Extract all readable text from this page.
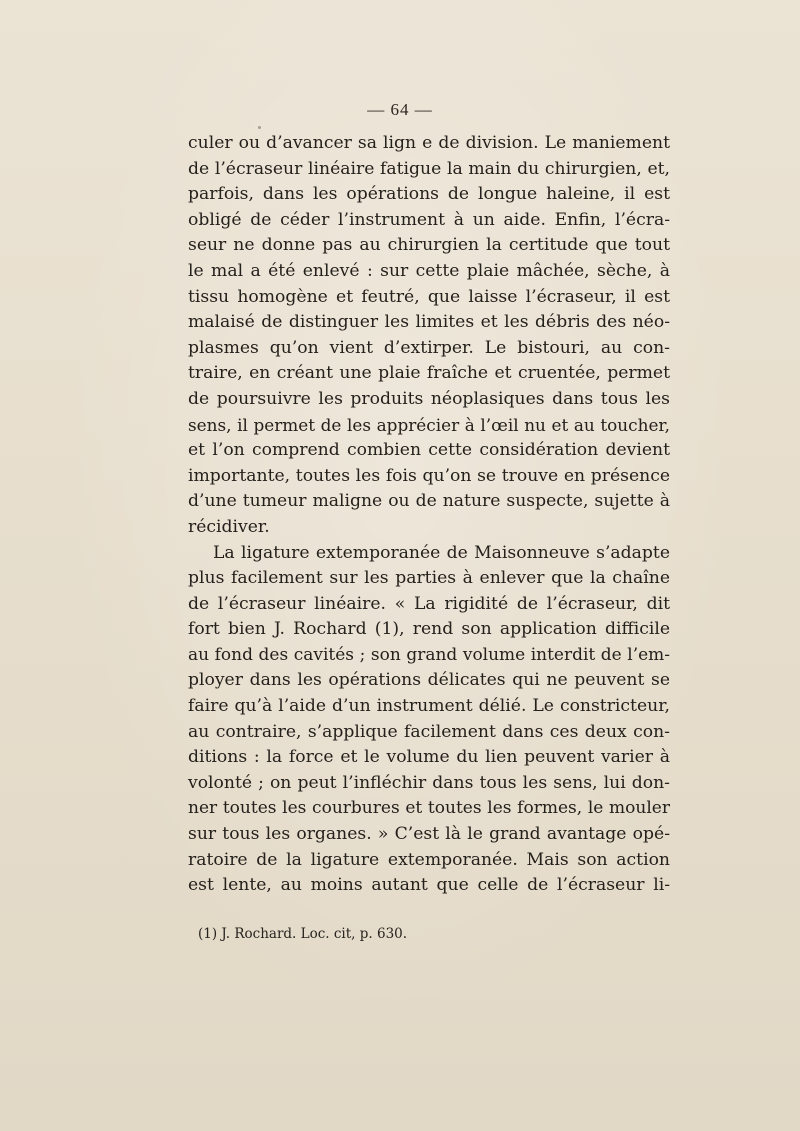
— 64 —
culer ou d’avancer sa lign e de division. Le maniement
de l’écraseur linéaire fatigue la main du chirurgien, et,
parfois, dans les opérations de longue haleine, il est
obligé de céder l’instrument à un aide. Enfin, l’écra-
seur ne donne pas au chirurgien la certitude que tout
le mal a été enlevé : sur cette plaie mâchée, sèche, à
tissu homogène et feutré, que laisse l’écraseur, il est
malaisé de distinguer les limites et les débris des néo-
plasmes qu’on vient d’extirper. Le bistouri, au con-
traire, en créant une plaie fraîche et cruentée, permet
de poursuivre les produits néoplasiques dans tous les
sens, il permet de les apprécier à l’œil nu et au toucher,
et l’on comprend combien cette considération devient
importante, toutes les fois qu’on se trouve en présence
d’une tumeur maligne ou de nature suspecte, sujette à
récidiver.
La ligature extemporanée de Maisonneuve s’adapte
plus facilement sur les parties à enlever que la chaîne
de l’écraseur linéaire. « La rigidité de l’écraseur, dit
fort bien J. Rochard (1), rend son application difficile
au fond des cavités ; son grand volume interdit de l’em-
ployer dans les opérations délicates qui ne peuvent se
faire qu’à l’aide d’un instrument délié. Le constricteur,
au contraire, s’applique facilement dans ces deux con-
ditions : la force et le volume du lien peuvent varier à
volonté ; on peut l’infléchir dans tous les sens, lui don-
ner toutes les courbures et toutes les formes, le mouler
sur tous les organes. » C’est là le grand avantage opé-
ratoire de la ligature extemporanée. Mais son action
est lente, au moins autant que celle de l’écraseur li-
(1) J. Rochard. Loc. cit, p. 630.
